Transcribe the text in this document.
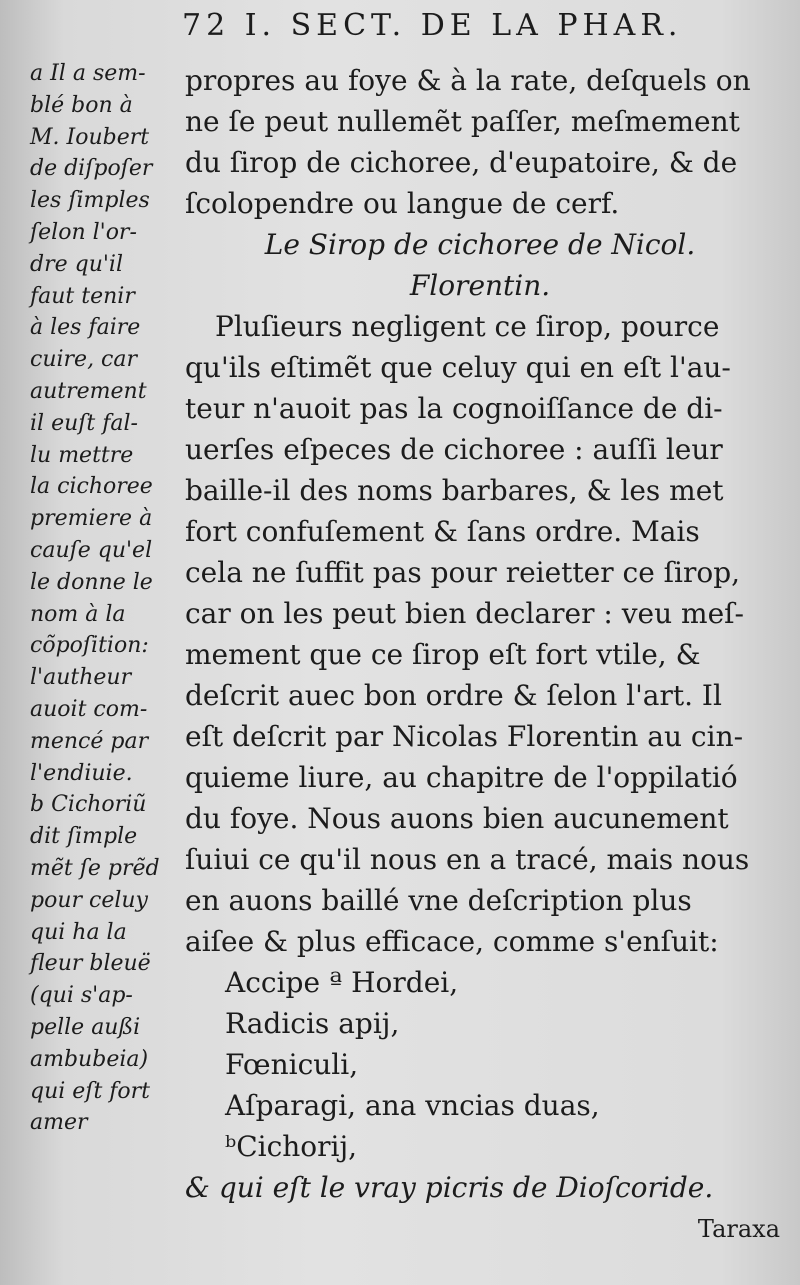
72 I. SECT. DE LA PHAR.
a Il a sem-
blé bon à
M. Ioubert
de diſpoſer
les ſimples
ſelon l'or-
dre qu'il
faut tenir
à les faire
cuire, car
autrement
il euſt fal-
lu mettre
la cichoree
premiere à
cauſe qu'el
le donne le
nom à la
cõpoſition:
l'autheur
auoit com-
mencé par
l'endiuie.
b Cichoriũ
dit ſimple
mẽt ſe prẽd
pour celuy
qui ha la
fleur bleuë
(qui s'ap-
pelle außi
ambubeia)
qui eſt fort
amer
propres au foye & à la rate, deſquels on
ne ſe peut nullemẽt paſſer, meſmement
du ſirop de cichoree, d'eupatoire, & de
ſcolopendre ou langue de cerf.
Le Sirop de cichoree de Nicol.
Florentin.
Pluſieurs negligent ce ſirop, pource
qu'ils eſtimẽt que celuy qui en eſt l'au-
teur n'auoit pas la cognoiſſance de di-
uerſes eſpeces de cichoree : auſſi leur
baille-il des noms barbares, & les met
fort confuſement & ſans ordre. Mais
cela ne ſuffit pas pour reietter ce ſirop,
car on les peut bien declarer : veu meſ-
mement que ce ſirop eſt fort vtile, &
deſcrit auec bon ordre & ſelon l'art. Il
eſt deſcrit par Nicolas Florentin au cin-
quieme liure, au chapitre de l'oppilatió
du foye. Nous auons bien aucunement
ſuiui ce qu'il nous en a tracé, mais nous
en auons baillé vne deſcription plus
aiſee & plus efficace, comme s'enſuit:
Accipe ª Hordei,
Radicis apij,
Fœniculi,
Aſparagi, ana vncias duas,
ᵇCichorij,
& qui eſt le vray picris de Dioſcoride.
Taraxa
